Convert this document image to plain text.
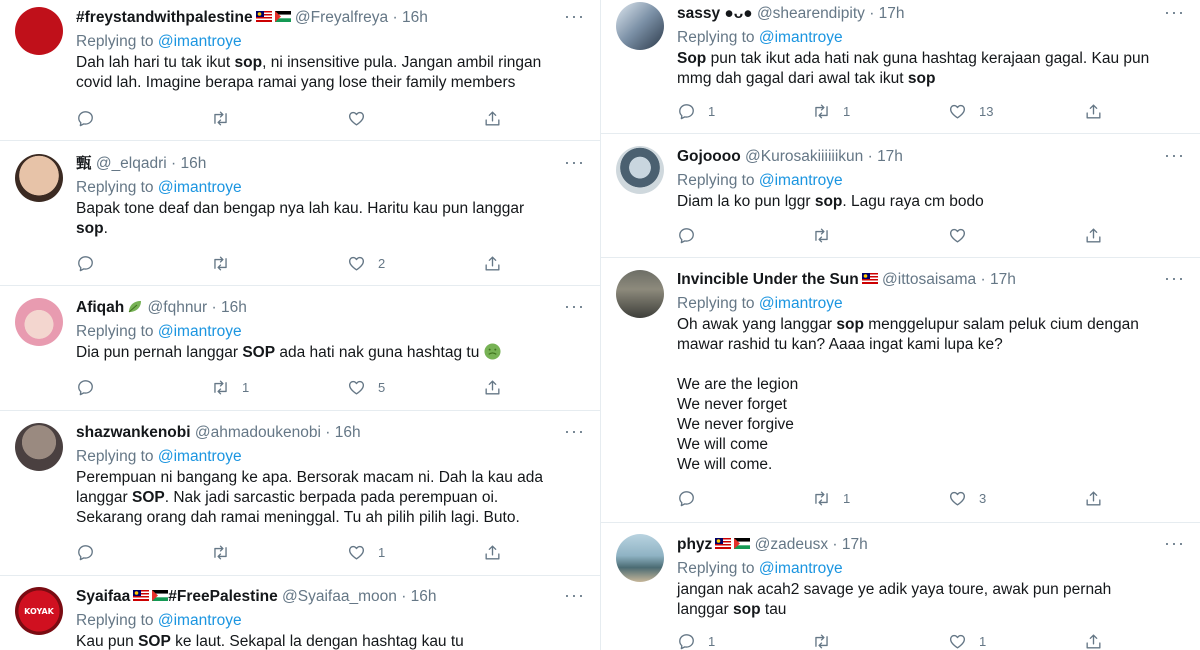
#freystandwithpalestine	@Freyalfreya · 16h	···
Replying to @imantroye
Dah lah hari tu tak ikut sop, ni insensitive pula. Jangan ambil ringan
covid lah. Imagine berapa ramai yang lose their family members
甄 @_elqadri · 16h	···
Replying to @imantroye
Bapak tone deaf dan bengap nya lah kau. Haritu kau pun langgar
sop.
2
Afiqah @fqhnur · 16h	···
Replying to @imantroye
Dia pun pernah langgar SOP ada hati nak guna hashtag tu
1	5
shazwankenobi @ahmadoukenobi · 16h	···
Replying to @imantroye
Perempuan ni bangang ke apa. Bersorak macam ni. Dah la kau ada
langgar SOP. Nak jadi sarcastic berpada pada perempuan oi.
Sekarang orang dah ramai meninggal. Tu ah pilih pilih lagi. Buto.
1
KOYAK
Syaifaa #FreePalestine @Syaifaa_moon · 16h	···
Replying to @imantroye
Kau pun SOP ke laut. Sekapal la dengan hashtag kau tu
sassy ●ᴗ● @shearendipity · 17h	···
Replying to @imantroye
Sop pun tak ikut ada hati nak guna hashtag kerajaan gagal. Kau pun
mmg dah gagal dari awal tak ikut sop
1	1	13
Gojoooo @Kurosakiiiiiikun · 17h	···
Replying to @imantroye
Diam la ko pun lggr sop. Lagu raya cm bodo
Invincible Under the Sun @ittosaisama · 17h	···
Replying to @imantroye
Oh awak yang langgar sop menggelupur salam peluk cium dengan
mawar rashid tu kan? Aaaa ingat kami lupa ke?
We are the legion
We never forget
We never forgive
We will come
We will come.
1	3
phyz	@zadeusx · 17h	···
Replying to @imantroye
jangan nak acah2 savage ye adik yaya toure, awak pun pernah
langgar sop tau
1	1
